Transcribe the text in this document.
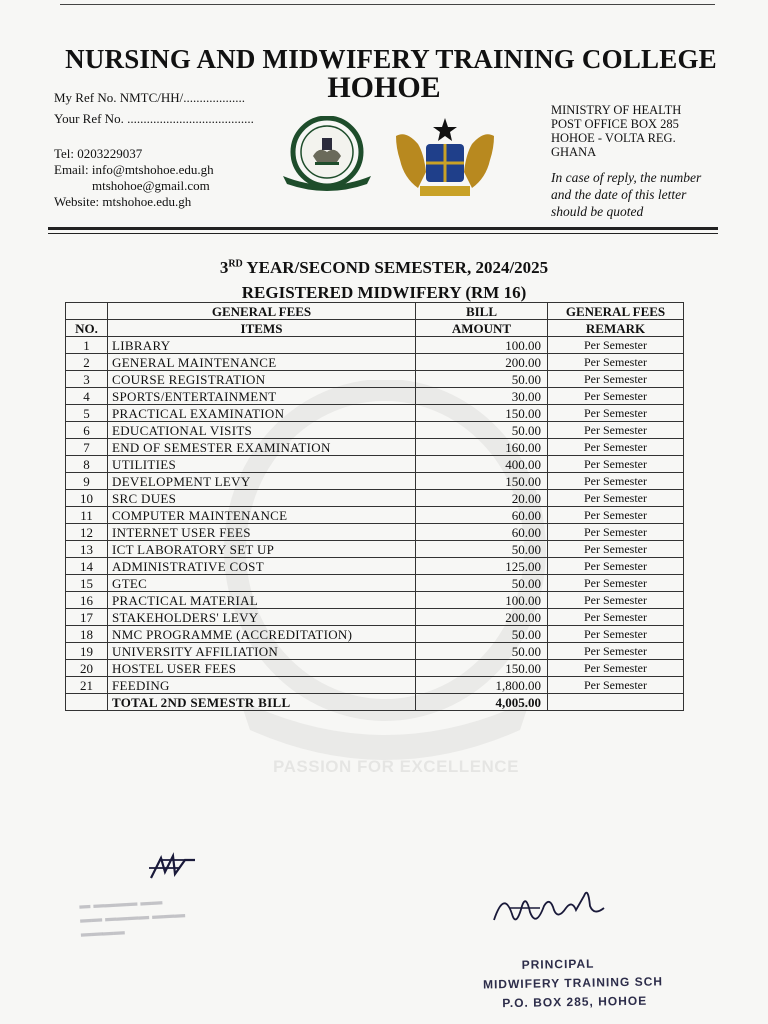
NURSING AND MIDWIFERY TRAINING COLLEGE
HOHOE
My Ref No. NMTC/HH/...................
Your Ref No. .......................................
Tel: 0203229037
Email: info@mtshohoe.edu.gh
mtshohoe@gmail.com
Website: mtshohoe.edu.gh
MINISTRY OF HEALTH
POST OFFICE BOX 285
HOHOE - VOLTA REG.
GHANA
In case of reply, the number
and the date of this letter
should be quoted
3RD YEAR/SECOND SEMESTER, 2024/2025
REGISTERED MIDWIFERY (RM 16)
PASSION FOR EXCELLENCE
	GENERAL FEES	BILL	GENERAL FEES
NO.	ITEMS	AMOUNT	REMARK
1	LIBRARY	100.00	Per Semester
2	GENERAL MAINTENANCE	200.00	Per Semester
3	COURSE REGISTRATION	50.00	Per Semester
4	SPORTS/ENTERTAINMENT	30.00	Per Semester
5	PRACTICAL EXAMINATION	150.00	Per Semester
6	EDUCATIONAL VISITS	50.00	Per Semester
7	END OF SEMESTER EXAMINATION	160.00	Per Semester
8	UTILITIES	400.00	Per Semester
9	DEVELOPMENT LEVY	150.00	Per Semester
10	SRC DUES	20.00	Per Semester
11	COMPUTER MAINTENANCE	60.00	Per Semester
12	INTERNET USER FEES	60.00	Per Semester
13	ICT LABORATORY SET UP	50.00	Per Semester
14	ADMINISTRATIVE COST	125.00	Per Semester
15	GTEC	50.00	Per Semester
16	PRACTICAL MATERIAL	100.00	Per Semester
17	STAKEHOLDERS' LEVY	200.00	Per Semester
18	NMC PROGRAMME (ACCREDITATION)	50.00	Per Semester
19	UNIVERSITY AFFILIATION	50.00	Per Semester
20	HOSTEL USER FEES	150.00	Per Semester
21	FEEDING	1,800.00	Per Semester
	TOTAL 2ND SEMESTR BILL	4,005.00	
▬ ▬▬▬▬ ▬▬
▬▬ ▬▬▬▬ ▬▬▬
▬▬▬▬
PRINCIPAL
MIDWIFERY TRAINING SCH
P.O. BOX 285, HOHOE
